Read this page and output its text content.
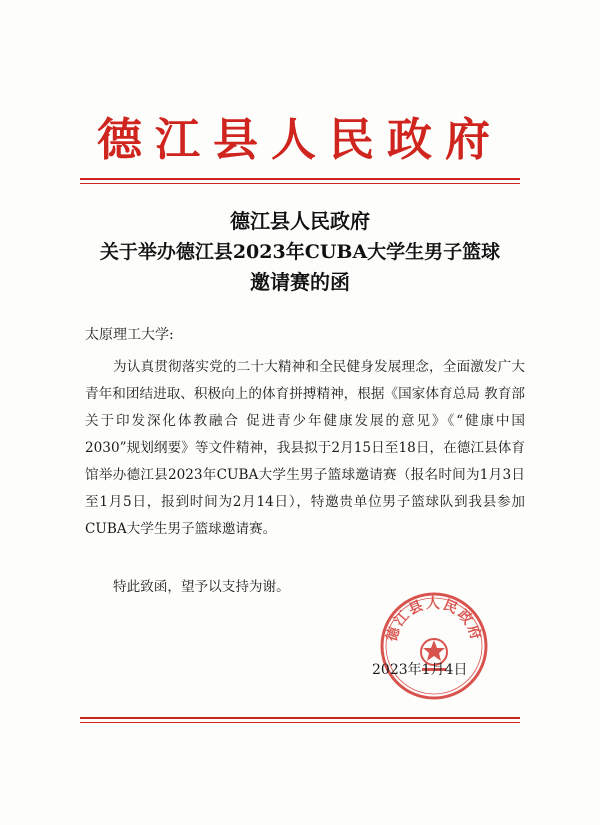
德江县人民政府
德江县人民政府
关于举办德江县2023年CUBA大学生男子篮球
邀请赛的函
太原理工大学:

为认真贯彻落实党的二十大精神和全民健身发展理念，全面激发广大青年和团结进取、积极向上的体育拼搏精神，根据《国家体育总局 教育部关于印发深化体教融合 促进青少年健康发展的意见》《“健康中国2030”规划纲要》等文件精神，我县拟于2月15日至18日，在德江县体育馆举办德江县2023年CUBA大学生男子篮球邀请赛（报名时间为1月3日至1月5日，报到时间为2月14日），特邀贵单位男子篮球队到我县参加CUBA大学生男子篮球邀请赛。

特此致函，望予以支持为谢。
德江县人民政府
2023年1月4日
